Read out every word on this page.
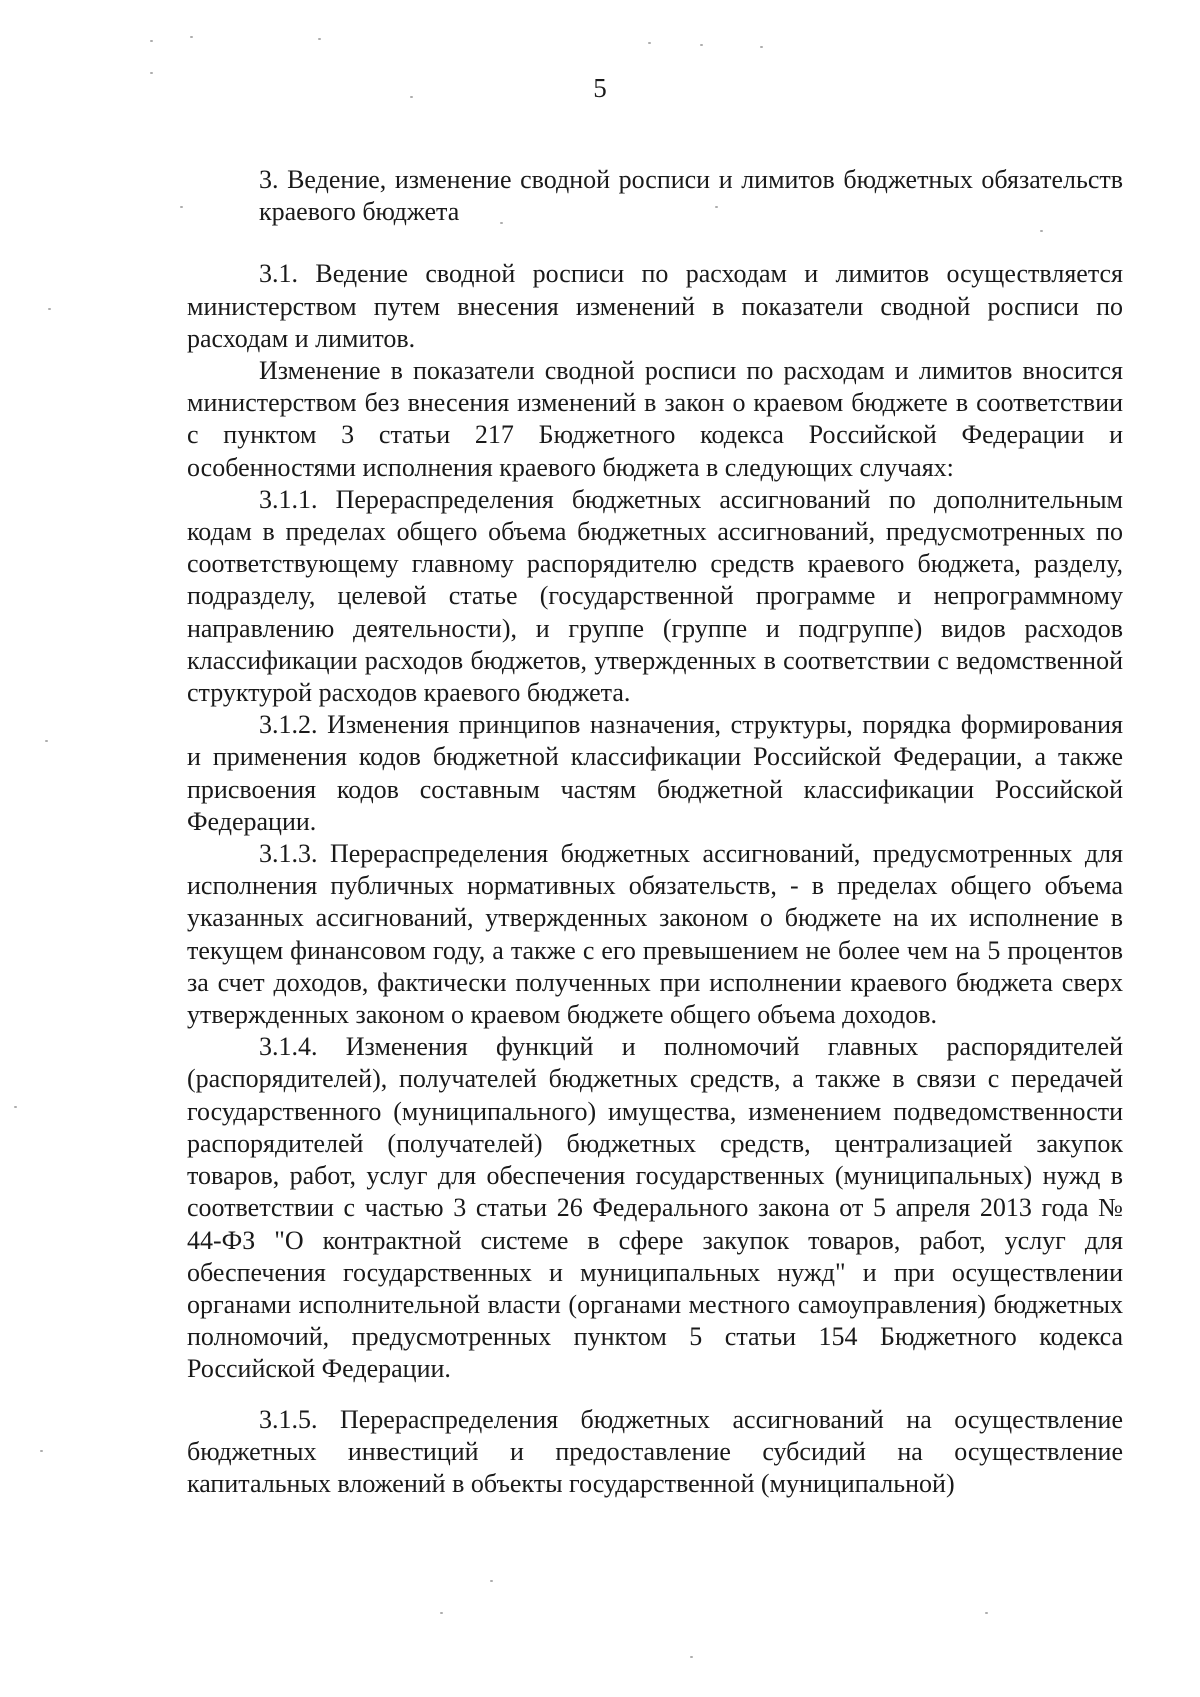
5

3. Ведение, изменение сводной росписи и лимитов бюджетных обязательств краевого бюджета

3.1. Ведение сводной росписи по расходам и лимитов осуществляется министерством путем внесения изменений в показатели сводной росписи по расходам и лимитов.

Изменение в показатели сводной росписи по расходам и лимитов вносится министерством без внесения изменений в закон о краевом бюджете в соответствии с пунктом 3 статьи 217 Бюджетного кодекса Российской Федерации и особенностями исполнения краевого бюджета в следующих случаях:

3.1.1. Перераспределения бюджетных ассигнований по дополнительным кодам в пределах общего объема бюджетных ассигнований, предусмотренных по соответствующему главному распорядителю средств краевого бюджета, разделу, подразделу, целевой статье (государственной программе и непрограммному направлению деятельности), и группе (группе и подгруппе) видов расходов классификации расходов бюджетов, утвержденных в соответствии с ведомственной структурой расходов краевого бюджета.

3.1.2. Изменения принципов назначения, структуры, порядка формирования и применения кодов бюджетной классификации Российской Федерации, а также присвоения кодов составным частям бюджетной классификации Российской Федерации.

3.1.3. Перераспределения бюджетных ассигнований, предусмотренных для исполнения публичных нормативных обязательств, - в пределах общего объема указанных ассигнований, утвержденных законом о бюджете на их исполнение в текущем финансовом году, а также с его превышением не более чем на 5 процентов за счет доходов, фактически полученных при исполнении краевого бюджета сверх утвержденных законом о краевом бюджете общего объема доходов.

3.1.4. Изменения функций и полномочий главных распорядителей (распорядителей), получателей бюджетных средств, а также в связи с передачей государственного (муниципального) имущества, изменением подведомственности распорядителей (получателей) бюджетных средств, централизацией закупок товаров, работ, услуг для обеспечения государственных (муниципальных) нужд в соответствии с частью 3 статьи 26 Федерального закона от 5 апреля 2013 года № 44-ФЗ "О контрактной системе в сфере закупок товаров, работ, услуг для обеспечения государственных и муниципальных нужд" и при осуществлении органами исполнительной власти (органами местного самоуправления) бюджетных полномочий, предусмотренных пунктом 5 статьи 154 Бюджетного кодекса Российской Федерации.

3.1.5. Перераспределения бюджетных ассигнований на осуществление бюджетных инвестиций и предоставление субсидий на осуществление капитальных вложений в объекты государственной (муниципальной)
